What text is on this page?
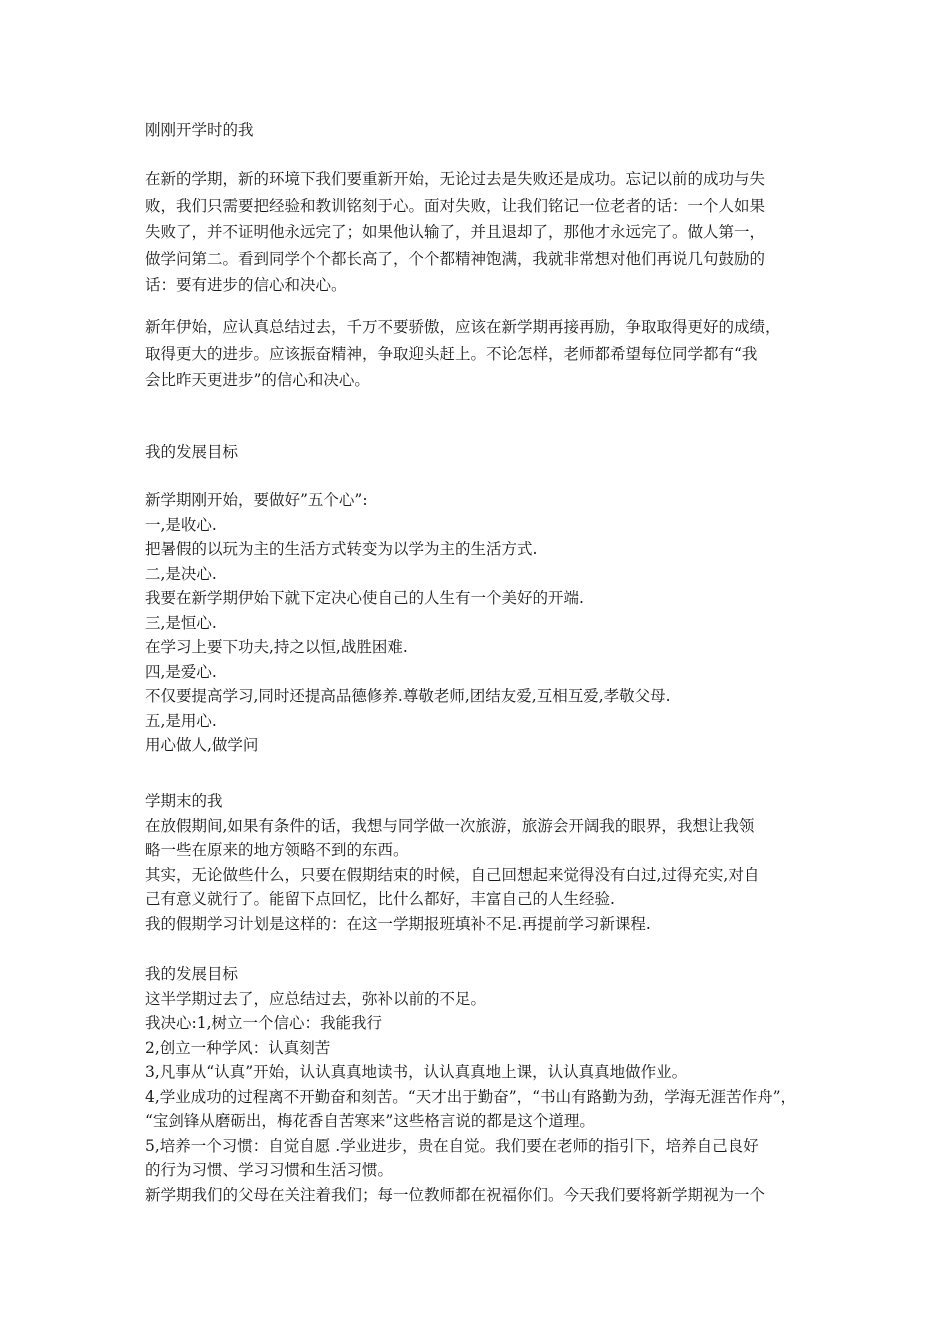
刚刚开学时的我
在新的学期，新的环境下我们要重新开始，无论过去是失败还是成功。忘记以前的成功与失
败，我们只需要把经验和教训铭刻于心。面对失败，让我们铭记一位老者的话：一个人如果
失败了，并不证明他永远完了；如果他认输了，并且退却了，那他才永远完了。做人第一，
做学问第二。看到同学个个都长高了，个个都精神饱满，我就非常想对他们再说几句鼓励的
话：要有进步的信心和决心。
新年伊始，应认真总结过去，千万不要骄傲，应该在新学期再接再励，争取取得更好的成绩，
取得更大的进步。应该振奋精神，争取迎头赶上。不论怎样，老师都希望每位同学都有“我
会比昨天更进步”的信心和决心。
我的发展目标
新学期刚开始，要做好”五个心”:
一,是收心.
把暑假的以玩为主的生活方式转变为以学为主的生活方式.
二,是决心.
我要在新学期伊始下就下定决心使自己的人生有一个美好的开端.
三,是恒心.
在学习上要下功夫,持之以恒,战胜困难.
四,是爱心.
不仅要提高学习,同时还提高品德修养.尊敬老师,团结友爱,互相互爱,孝敬父母.
五,是用心.
用心做人,做学问
学期末的我
在放假期间,如果有条件的话，我想与同学做一次旅游，旅游会开阔我的眼界，我想让我领
略一些在原来的地方领略不到的东西。
其实，无论做些什么，只要在假期结束的时候，自己回想起来觉得没有白过,过得充实,对自
己有意义就行了。能留下点回忆，比什么都好，丰富自己的人生经验.
我的假期学习计划是这样的：在这一学期报班填补不足.再提前学习新课程.
我的发展目标
这半学期过去了，应总结过去，弥补以前的不足。
我决心:1,树立一个信心：我能我行
2,创立一种学风：认真刻苦
3,凡事从“认真”开始，认认真真地读书，认认真真地上课，认认真真地做作业。
4,学业成功的过程离不开勤奋和刻苦。“天才出于勤奋”，“书山有路勤为劲，学海无涯苦作舟”，
“宝剑锋从磨砺出，梅花香自苦寒来”这些格言说的都是这个道理。
5,培养一个习惯：自觉自愿 .学业进步，贵在自觉。我们要在老师的指引下，培养自己良好
的行为习惯、学习习惯和生活习惯。
新学期我们的父母在关注着我们；每一位教师都在祝福你们。今天我们要将新学期视为一个
